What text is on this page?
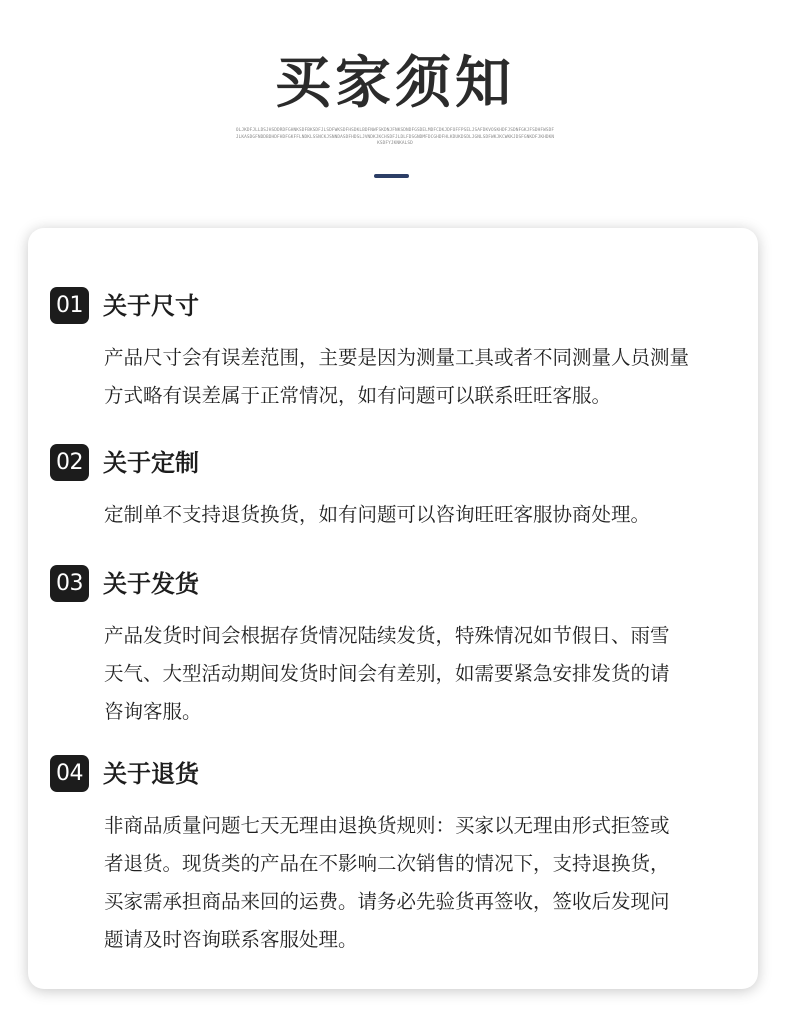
买家须知
OLJKDFJLLDSJHSDDRDFGHNKSDFBKSDFJLSDFWKSDFHSDKLBDFNWFSKDNJFNKSDNDFGSDELMDFCDKJDFOFFPSELJSAFDKVOSKHDFJSDNFGKJFSDHFWSDFJLKASDGFNDDBDHDFHDFGKFFLNDKLSSNCKJSNNDASDFHDSLJVNDKJKCHSDFJLDLFDSGNDMFDCGHDFHLKDUKDSDLJGNLSDFWKJKCWKKJDSFGNKDFJKHDKNKSDFYJKNKALSD
01 关于尺寸
产品尺寸会有误差范围，主要是因为测量工具或者不同测量人员测量
方式略有误差属于正常情况，如有问题可以联系旺旺客服。
02 关于定制
定制单不支持退货换货，如有问题可以咨询旺旺客服协商处理。
03 关于发货
产品发货时间会根据存货情况陆续发货，特殊情况如节假日、雨雪
天气、大型活动期间发货时间会有差别，如需要紧急安排发货的请
咨询客服。
04 关于退货
非商品质量问题七天无理由退换货规则：买家以无理由形式拒签或
者退货。现货类的产品在不影响二次销售的情况下，支持退换货，
买家需承担商品来回的运费。请务必先验货再签收，签收后发现问
题请及时咨询联系客服处理。
